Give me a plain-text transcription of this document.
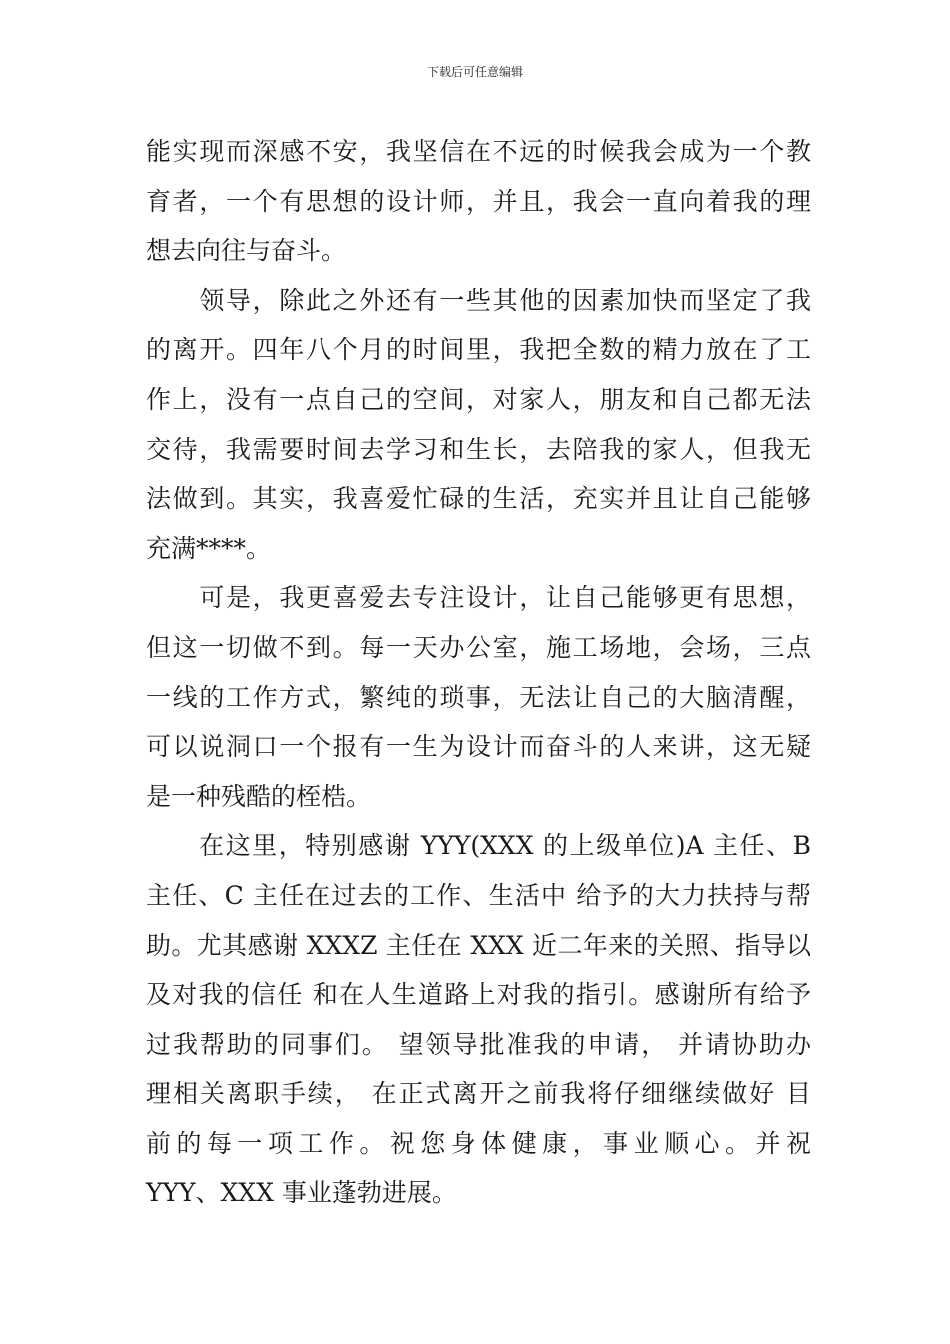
下载后可任意编辑
能实现而深感不安，我坚信在不远的时候我会成为一个教
育者，一个有思想的设计师，并且，我会一直向着我的理
想去向往与奋斗。
　　领导，除此之外还有一些其他的因素加快而坚定了我
的离开。四年八个月的时间里，我把全数的精力放在了工
作上，没有一点自己的空间，对家人，朋友和自己都无法
交待，我需要时间去学习和生长，去陪我的家人，但我无
法做到。其实，我喜爱忙碌的生活，充实并且让自己能够
充满****。
　　可是，我更喜爱去专注设计，让自己能够更有思想，
但这一切做不到。每一天办公室，施工场地，会场，三点
一线的工作方式，繁纯的琐事，无法让自己的大脑清醒，
可以说洞口一个报有一生为设计而奋斗的人来讲，这无疑
是一种残酷的桎梏。
　　在这里，特别感谢 YYY(XXX 的上级单位)A 主任、B
主任、C 主任在过去的工作、生活中 给予的大力扶持与帮
助。尤其感谢 XXXZ 主任在 XXX 近二年来的关照、指导以
及对我的信任 和在人生道路上对我的指引。感谢所有给予
过我帮助的同事们。 望领导批准我的申请， 并请协助办
理相关离职手续， 在正式离开之前我将仔细继续做好 目
前的每一项工作。祝您身体健康，事业顺心。并祝
YYY、XXX 事业蓬勃进展。
